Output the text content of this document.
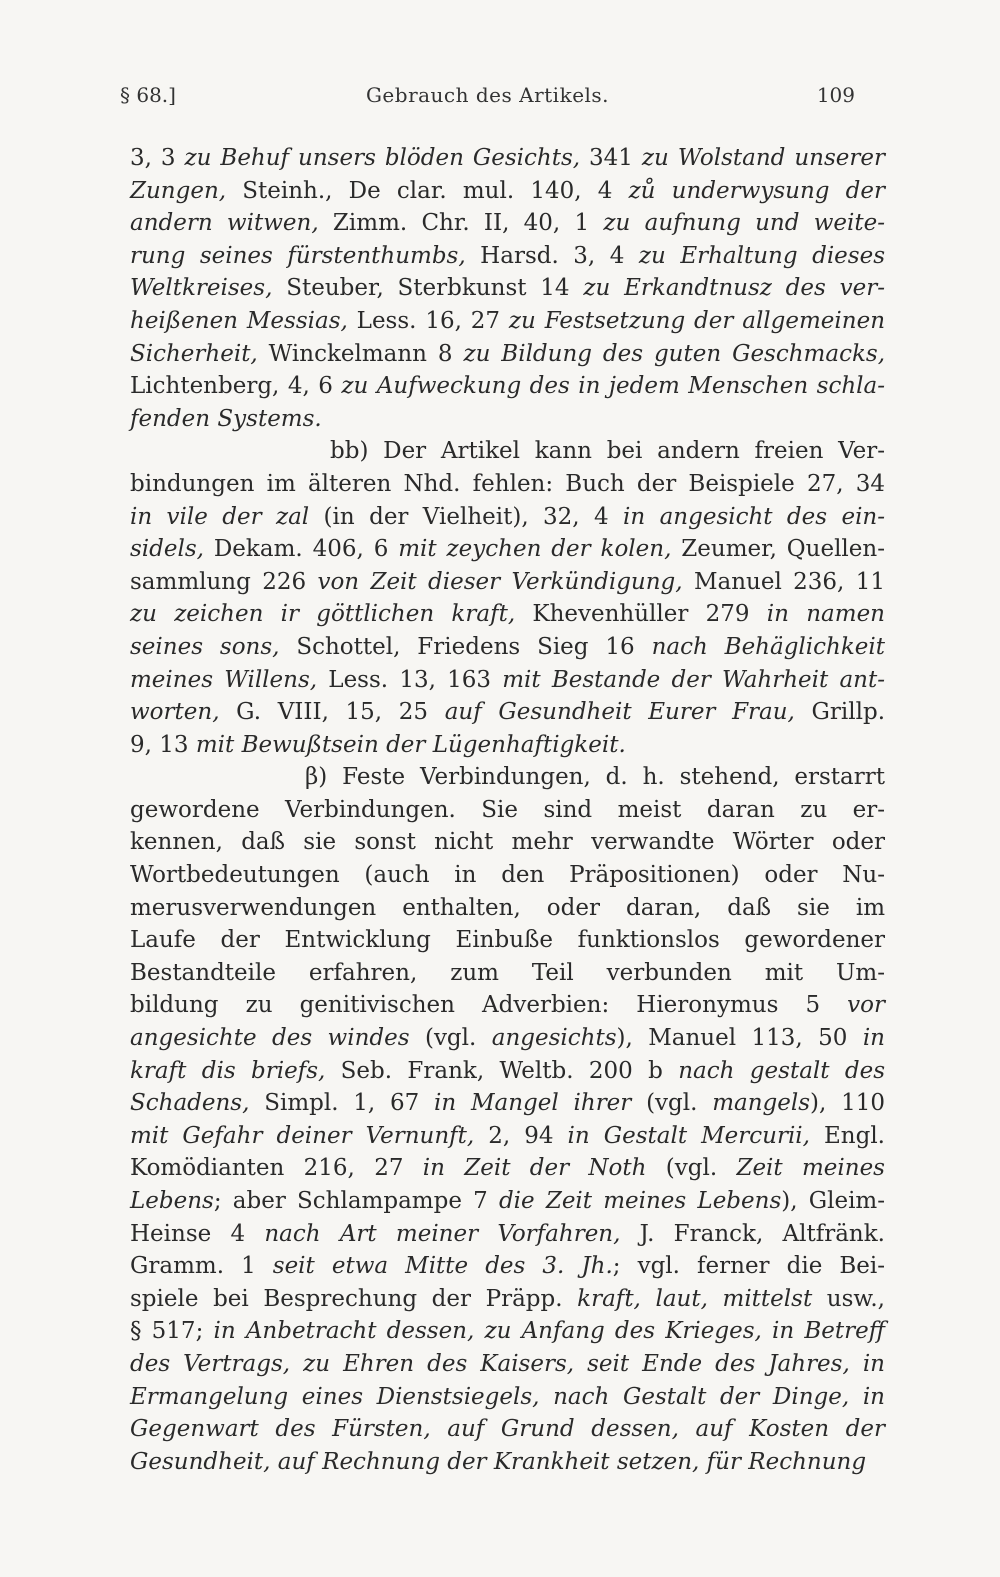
§ 68.]	Gebrauch des Artikels.	109
3, 3 zu Behuf unsers blöden Gesichts, 341 zu Wolstand unserer
Zungen, Steinh., De clar. mul. 140, 4 zů underwysung der
andern witwen, Zimm. Chr. II, 40, 1 zu aufnung und weite-
rung seines fürstenthumbs, Harsd. 3, 4 zu Erhaltung dieses
Weltkreises, Steuber, Sterbkunst 14 zu Erkandtnusz des ver-
heißenen Messias, Less. 16, 27 zu Festsetzung der allgemeinen
Sicherheit, Winckelmann 8 zu Bildung des guten Geschmacks,
Lichtenberg, 4, 6 zu Aufweckung des in jedem Menschen schla-
fenden Systems.
bb) Der Artikel kann bei andern freien Ver-
bindungen im älteren Nhd. fehlen: Buch der Beispiele 27, 34
in vile der zal (in der Vielheit), 32, 4 in angesicht des ein-
sidels, Dekam. 406, 6 mit zeychen der kolen, Zeumer, Quellen-
sammlung 226 von Zeit dieser Verkündigung, Manuel 236, 11
zu zeichen ir göttlichen kraft, Khevenhüller 279 in namen
seines sons, Schottel, Friedens Sieg 16 nach Behäglichkeit
meines Willens, Less. 13, 163 mit Bestande der Wahrheit ant-
worten, G. VIII, 15, 25 auf Gesundheit Eurer Frau, Grillp.
9, 13 mit Bewußtsein der Lügenhaftigkeit.
β) Feste Verbindungen, d. h. stehend, erstarrt
gewordene Verbindungen. Sie sind meist daran zu er-
kennen, daß sie sonst nicht mehr verwandte Wörter oder
Wortbedeutungen (auch in den Präpositionen) oder Nu-
merusverwendungen enthalten, oder daran, daß sie im
Laufe der Entwicklung Einbuße funktionslos gewordener
Bestandteile erfahren, zum Teil verbunden mit Um-
bildung zu genitivischen Adverbien: Hieronymus 5 vor
angesichte des windes (vgl. angesichts), Manuel 113, 50 in
kraft dis briefs, Seb. Frank, Weltb. 200 b nach gestalt des
Schadens, Simpl. 1, 67 in Mangel ihrer (vgl. mangels), 110
mit Gefahr deiner Vernunft, 2, 94 in Gestalt Mercurii, Engl.
Komödianten 216, 27 in Zeit der Noth (vgl. Zeit meines
Lebens; aber Schlampampe 7 die Zeit meines Lebens), Gleim-
Heinse 4 nach Art meiner Vorfahren, J. Franck, Altfränk.
Gramm. 1 seit etwa Mitte des 3. Jh.; vgl. ferner die Bei-
spiele bei Besprechung der Präpp. kraft, laut, mittelst usw.,
§ 517; in Anbetracht dessen, zu Anfang des Krieges, in Betreff
des Vertrags, zu Ehren des Kaisers, seit Ende des Jahres, in
Ermangelung eines Dienstsiegels, nach Gestalt der Dinge, in
Gegenwart des Fürsten, auf Grund dessen, auf Kosten der
Gesundheit, auf Rechnung der Krankheit setzen, für Rechnung
